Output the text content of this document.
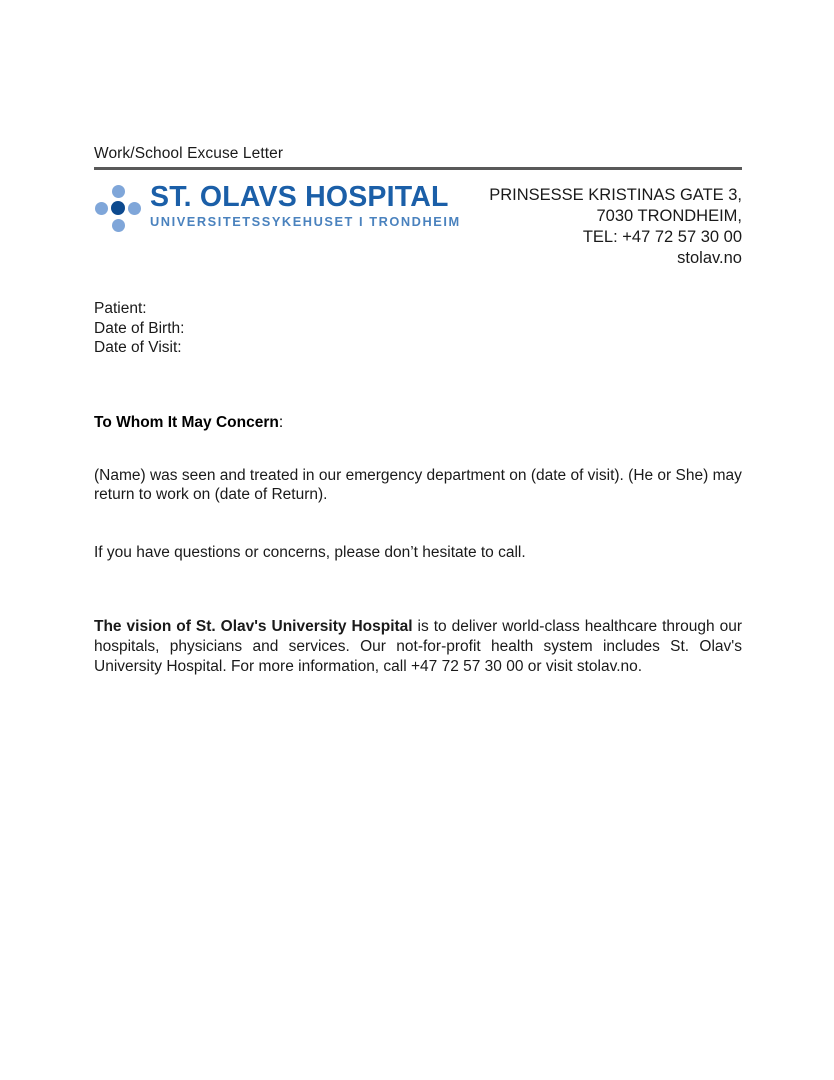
Work/School Excuse Letter
ST. OLAVS HOSPITAL UNIVERSITETSSYKEHUSET I TRONDHEIM
PRINSESSE KRISTINAS GATE 3,
7030 TRONDHEIM,
TEL: +47 72 57 30 00
stolav.no
Patient:
Date of Birth:
Date of Visit:
To Whom It May Concern:

(Name) was seen and treated in our emergency department on (date of visit). (He or She) may return to work on (date of Return).

If you have questions or concerns, please don’t hesitate to call.

The vision of St. Olav's University Hospital is to deliver world-class healthcare through our hospitals, physicians and services. Our not-for-profit health system includes St. Olav's University Hospital. For more information, call +47 72 57 30 00 or visit stolav.no.
